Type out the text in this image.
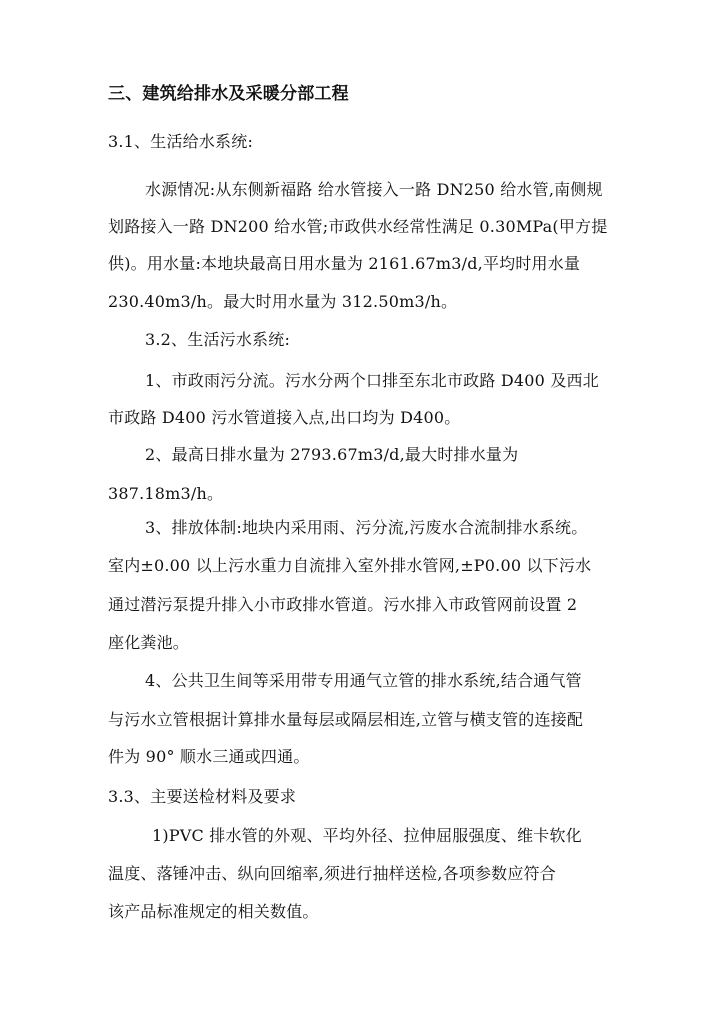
三、建筑给排水及采暖分部工程
3.1、生活给水系统:
水源情况:从东侧新福路 给水管接入一路 DN250 给水管,南侧规
划路接入一路 DN200 给水管;市政供水经常性满足 0.30MPa(甲方提
供)。用水量:本地块最高日用水量为 2161.67m3/d,平均时用水量
230.40m3/h。最大时用水量为 312.50m3/h。
3.2、生活污水系统:
1、市政雨污分流。污水分两个口排至东北市政路 D400 及西北
市政路 D400 污水管道接入点,出口均为 D400。
2、最高日排水量为 2793.67m3/d,最大时排水量为
387.18m3/h。
3、排放体制:地块内采用雨、污分流,污废水合流制排水系统。
室内±0.00 以上污水重力自流排入室外排水管网,±P0.00 以下污水
通过潜污泵提升排入小市政排水管道。污水排入市政管网前设置 2
座化粪池。
4、公共卫生间等采用带专用通气立管的排水系统,结合通气管
与污水立管根据计算排水量每层或隔层相连,立管与横支管的连接配
件为 90° 顺水三通或四通。
3.3、主要送检材料及要求
1)PVC 排水管的外观、平均外径、拉伸屈服强度、维卡软化
温度、落锤冲击、纵向回缩率,须进行抽样送检,各项参数应符合
该产品标准规定的相关数值。
